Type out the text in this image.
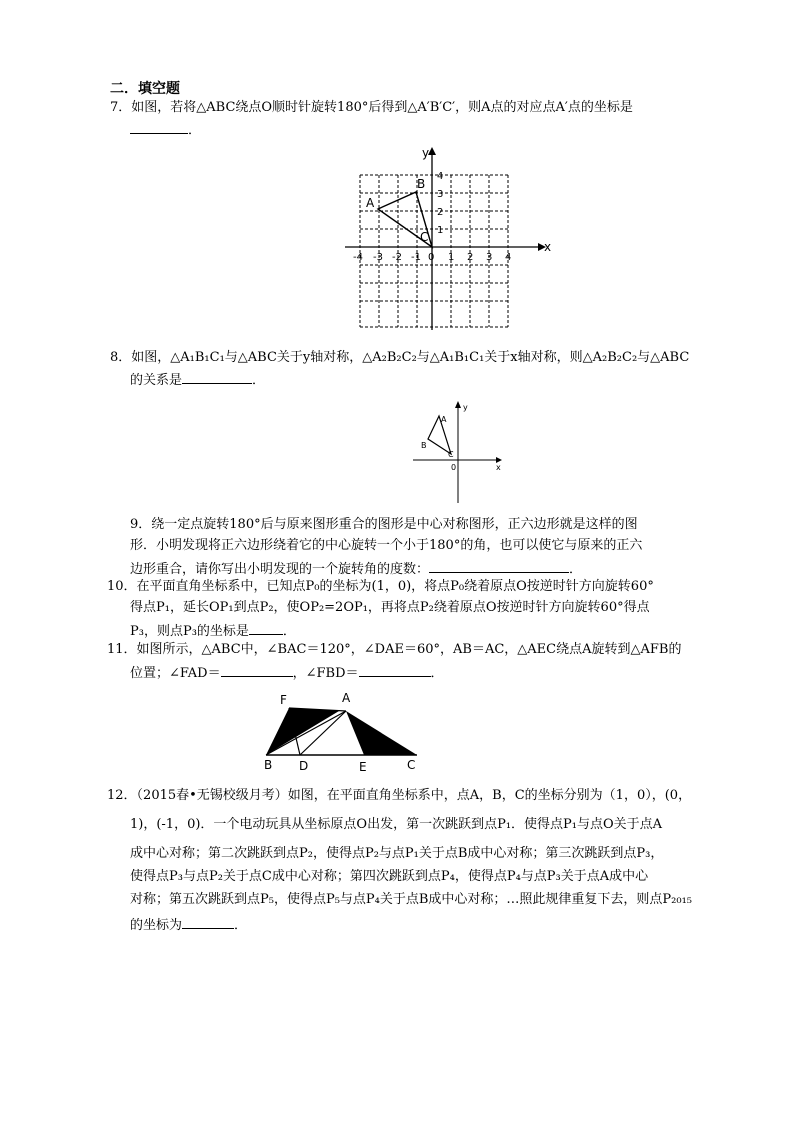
二．填空题
7．如图，若将△ABC绕点O顺时针旋转180°后得到△A′B′C′，则A点的对应点A′点的坐标是
．
y
x
-4 -3 -2 -1 0 1 2 3 4
4
3
2
1
A
B
C
8．如图，△A₁B₁C₁与△ABC关于y轴对称，△A₂B₂C₂与△A₁B₁C₁关于x轴对称，则△A₂B₂C₂与△ABC
的关系是	．
y
x
0
A
B
C
9．绕一定点旋转180°后与原来图形重合的图形是中心对称图形，正六边形就是这样的图
形．小明发现将正六边形绕着它的中心旋转一个小于180°的角，也可以使它与原来的正六
边形重合，请你写出小明发现的一个旋转角的度数：	．
10．在平面直角坐标系中，已知点P₀的坐标为(1，0)，将点P₀绕着原点O按逆时针方向旋转60°
得点P₁，延长OP₁到点P₂，使OP₂=2OP₁，再将点P₂绕着原点O按逆时针方向旋转60°得点
P₃，则点P₃的坐标是	．
11．如图所示，△ABC中，∠BAC＝120°，∠DAE＝60°，AB＝AC，△AEC绕点A旋转到△AFB的
位置；∠FAD＝	，∠FBD＝	．
F	A
B D	E	C
12．（2015春•无锡校级月考）如图，在平面直角坐标系中，点A，B，C的坐标分别为（1，0），(0，
1)，(-1，0)．一个电动玩具从坐标原点O出发，第一次跳跃到点P₁．使得点P₁与点O关于点A
成中心对称；第二次跳跃到点P₂，使得点P₂与点P₁关于点B成中心对称；第三次跳跃到点P₃，
使得点P₃与点P₂关于点C成中心对称；第四次跳跃到点P₄，使得点P₄与点P₃关于点A成中心
对称；第五次跳跃到点P₅，使得点P₅与点P₄关于点B成中心对称；…照此规律重复下去，则点P₂₀₁₅
的坐标为	．
